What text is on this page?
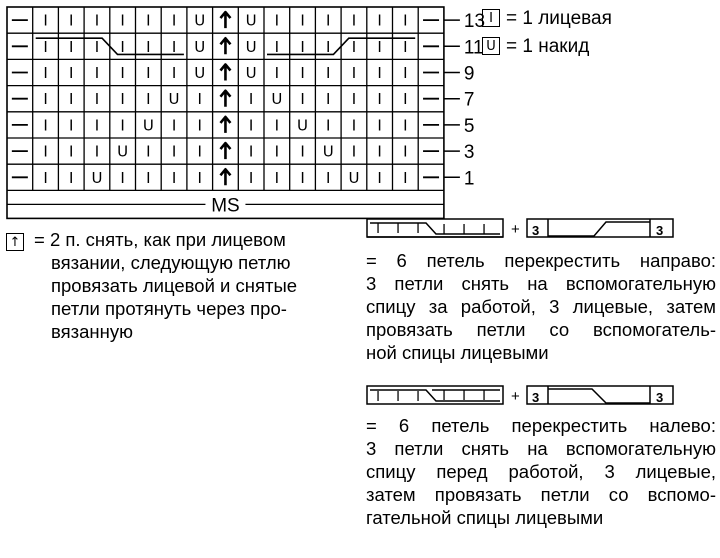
I I I I I I U	U I I I I I I	13
I I I I I I U	U I I I I I I	11
I I I I I I U	U I I I I I I	9
I I I I I U I	I U I I I I I	7
I I I I U I I	I I U I I I I	5
I I I U I I I	I I I U I I I	3
I I U I I I I	I I I I U I I	1
MS
I = 1 лицевая
U = 1 накид
↑ = 2 п. снять, как при лицевом
вязании, следующую петлю
провязать лицевой и снятые
петли протянуть через про-
вязанную
I I I I I I + 3	3
= 6 петель перекрестить направо:
3 петли снять на вспомогательную
спицу за работой, 3 лицевые, затем
провязать петли со вспомогатель-
ной спицы лицевыми
I I I I I I + 3	3
= 6 петель перекрестить налево:
3 петли снять на вспомогательную
спицу перед работой, 3 лицевые,
затем провязать петли со вспомо-
гательной спицы лицевыми
